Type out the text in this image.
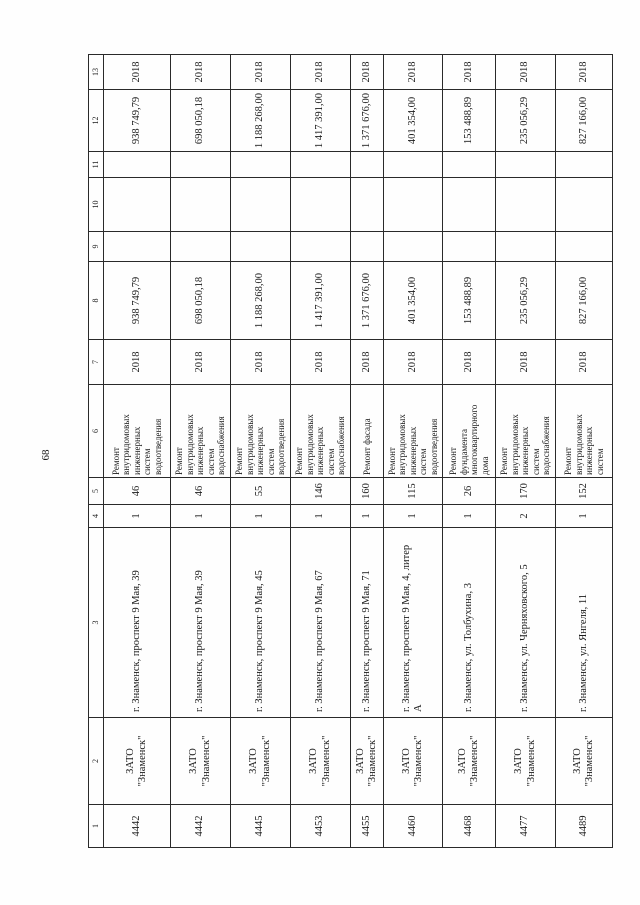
68
1	2	3	4	5	6	7	8	9	10	11	12	13
4442	ЗАТО
"Знаменск"	г. Знаменск, проспект 9 Мая, 39	1	46	Ремонт
внутридомовых
инженерных
систем
водоотведения	2018	938 749,79				938 749,79	2018
4442	ЗАТО
"Знаменск"	г. Знаменск, проспект 9 Мая, 39	1	46	Ремонт
внутридомовых
инженерных
систем
водоснабжения	2018	698 050,18				698 050,18	2018
4445	ЗАТО
"Знаменск"	г. Знаменск, проспект 9 Мая, 45	1	55	Ремонт
внутридомовых
инженерных
систем
водоотведения	2018	1 188 268,00				1 188 268,00	2018
4453	ЗАТО
"Знаменск"	г. Знаменск, проспект 9 Мая, 67	1	146	Ремонт
внутридомовых
инженерных
систем
водоснабжения	2018	1 417 391,00				1 417 391,00	2018
4455	ЗАТО
"Знаменск"	г. Знаменск, проспект 9 Мая, 71	1	160	Ремонт фасада	2018	1 371 676,00				1 371 676,00	2018
4460	ЗАТО
"Знаменск"	г. Знаменск, проспект 9 Мая, 4, литер
А	1	115	Ремонт
внутридомовых
инженерных
систем
водоотведения	2018	401 354,00				401 354,00	2018
4468	ЗАТО
"Знаменск"	г. Знаменск, ул. Толбухина, 3	1	26	Ремонт
фундамента
многоквартирного
дома	2018	153 488,89				153 488,89	2018
4477	ЗАТО
"Знаменск"	г. Знаменск, ул. Черняховского, 5	2	170	Ремонт
внутридомовых
инженерных
систем
водоснабжения	2018	235 056,29				235 056,29	2018
4489	ЗАТО
"Знаменск"	г. Знаменск, ул. Янгеля, 11	1	152	Ремонт
внутридомовых
инженерных
систем	2018	827 166,00				827 166,00	2018
